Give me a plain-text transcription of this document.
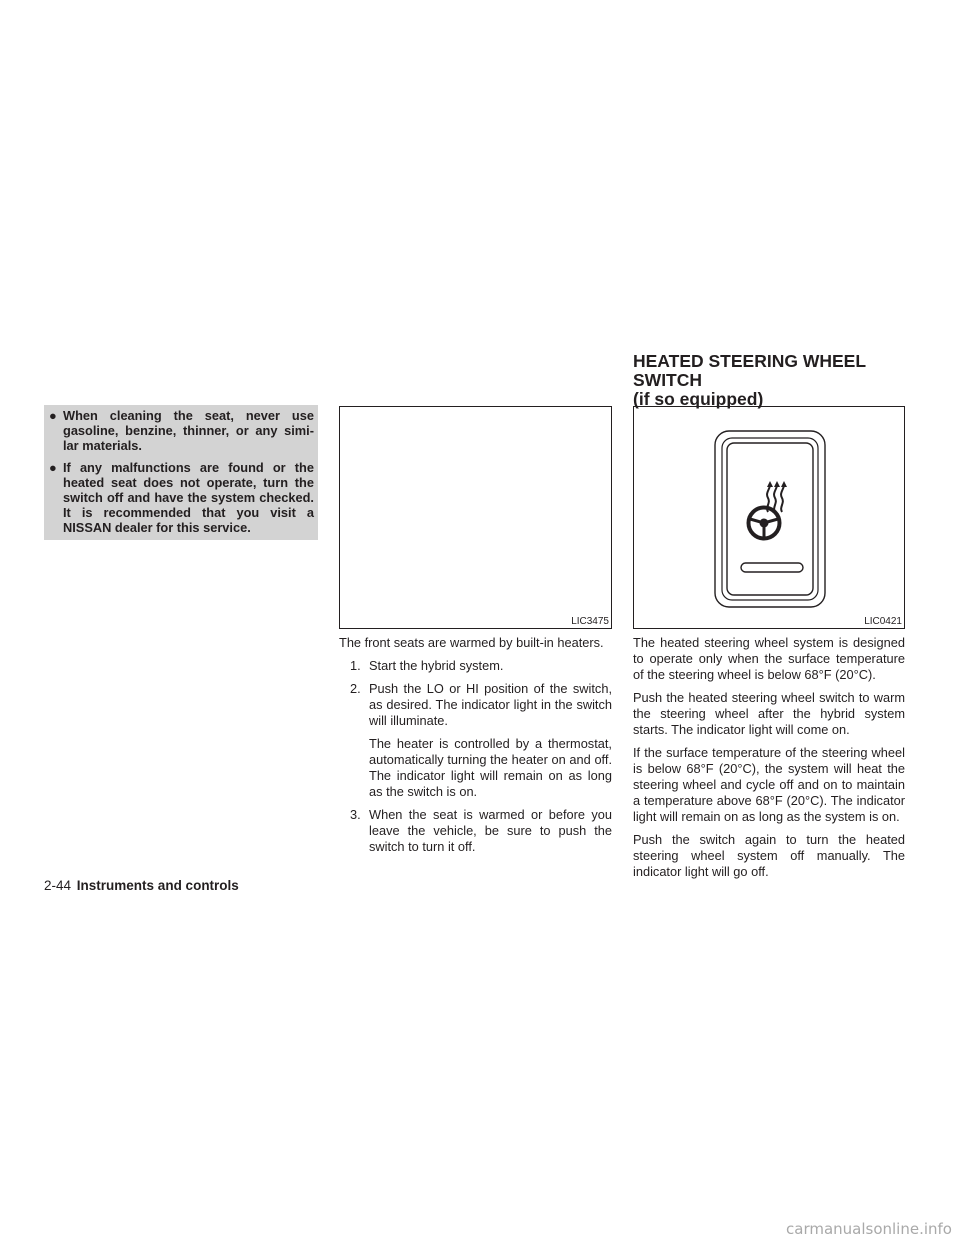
● When cleaning the seat, never use gasoline, benzine, thinner, or any simi- lar materials.
● If any malfunctions are found or the heated seat does not operate, turn the switch off and have the system checked. It is recommended that you visit a NISSAN dealer for this service.
LIC3475
HEATED STEERING WHEEL SWITCH
(if so equipped)
LIC0421

The front seats are warmed by built-in heaters.

1. Start the hybrid system.
2. Push the LO or HI position of the switch, as desired. The indicator light in the switch will illuminate.

The heater is controlled by a thermostat, automatically turning the heater on and off. The indicator light will remain on as long as the switch is on.

3. When the seat is warmed or before you leave the vehicle, be sure to push the switch to turn it off.

The heated steering wheel system is designed to operate only when the surface temperature of the steering wheel is below 68°F (20°C).

Push the heated steering wheel switch to warm the steering wheel after the hybrid system starts. The indicator light will come on.

If the surface temperature of the steering wheel is below 68°F (20°C), the system will heat the steering wheel and cycle off and on to maintain a temperature above 68°F (20°C). The indicator light will remain on as long as the system is on.

Push the switch again to turn the heated steering wheel system off manually. The indicator light will go off.

2-44 Instruments and controls
carmanualsonline.info
